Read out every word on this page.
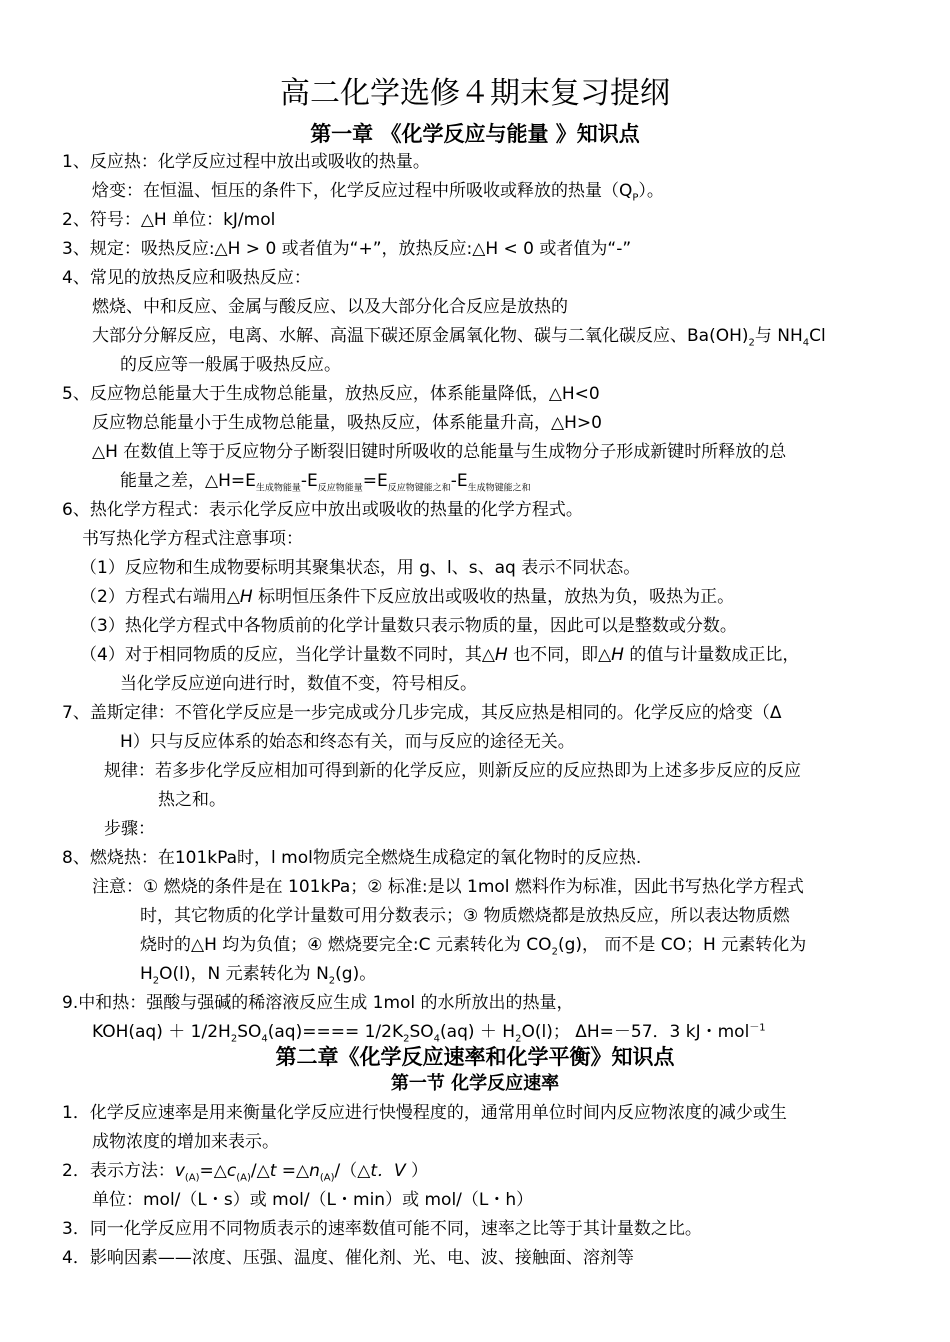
高二化学选修４期末复习提纲
第一章 《化学反应与能量 》知识点
1、反应热：化学反应过程中放出或吸收的热量。
焓变：在恒温、恒压的条件下，化学反应过程中所吸收或释放的热量$(Q_P)$。
2、符号：△H 单位：kJ/mol
3、规定：吸热反应:△H > 0 或者值为“+”，放热反应:△H < 0 或者值为“-”
4、常见的放热反应和吸热反应：
燃烧、中和反应、金属与酸反应、以及大部分化合反应是放热的
大部分分解反应，电离、水解、高温下碳还原金属氧化物、碳与二氧化碳反应、$Ba(OH)_2$与 $NH_4Cl$
的反应等一般属于吸热反应。
5、反应物总能量大于生成物总能量，放热反应，体系能量降低，△H<0
反应物总能量小于生成物总能量，吸热反应，体系能量升高，△H>0
△H 在数值上等于反应物分子断裂旧键时所吸收的总能量与生成物分子形成新键时所释放的总
能量之差，$\triangle H=E_{生成物能量}-E_{反应物能量}=E_{反应物键能之和}-E_{生成物键能之和}$
6、热化学方程式：表示化学反应中放出或吸收的热量的化学方程式。
书写热化学方程式注意事项：
（1）反应物和生成物要标明其聚集状态，用 g、l、s、aq 表示不同状态。
（2）方程式右端用△H 标明恒压条件下反应放出或吸收的热量，放热为负，吸热为正。
（3）热化学方程式中各物质前的化学计量数只表示物质的量，因此可以是整数或分数。
（4）对于相同物质的反应，当化学计量数不同时，其△H 也不同，即△H 的值与计量数成正比，
当化学反应逆向进行时，数值不变，符号相反。
7、盖斯定律：不管化学反应是一步完成或分几步完成，其反应热是相同的。化学反应的焓变（Δ
H）只与反应体系的始态和终态有关，而与反应的途径无关。
规律：若多步化学反应相加可得到新的化学反应，则新反应的反应热即为上述多步反应的反应
热之和。
步骤：
8、燃烧热：在101kPa时，l mol物质完全燃烧生成稳定的氧化物时的反应热.
注意：① 燃烧的条件是在 101kPa；② 标准:是以 1mol 燃料作为标准，因此书写热化学方程式
时，其它物质的化学计量数可用分数表示；③ 物质燃烧都是放热反应，所以表达物质燃
烧时的△H 均为负值；④ 燃烧要完全:C 元素转化为 $CO_2(g)$， 而不是 CO；H 元素转化为
$H_2O(l)$，N 元素转化为 $N_2(g)$。
9.中和热：强酸与强碱的稀溶液反应生成 1mol 的水所放出的热量，
$KOH(aq) + 1/2H_2SO_4(aq)==== 1/2K_2SO_4(aq) + H_2O(l)$； ΔH=－57．3 kJ・mol$^{-1}$
第二章《化学反应速率和化学平衡》知识点
第一节 化学反应速率
1．化学反应速率是用来衡量化学反应进行快慢程度的，通常用单位时间内反应物浓度的减少或生
成物浓度的增加来表示。
2．表示方法：$v_{(A)}=\triangle c_{(A)}/\triangle t$ $=\triangle n_{(A)}/(\triangle t$．V ）
单位：mol/（L・s）或 mol/（L・min）或 mol/（L・h）
3．同一化学反应用不同物质表示的速率数值可能不同，速率之比等于其计量数之比。
4．影响因素——浓度、压强、温度、催化剂、光、电、波、接触面、溶剂等
